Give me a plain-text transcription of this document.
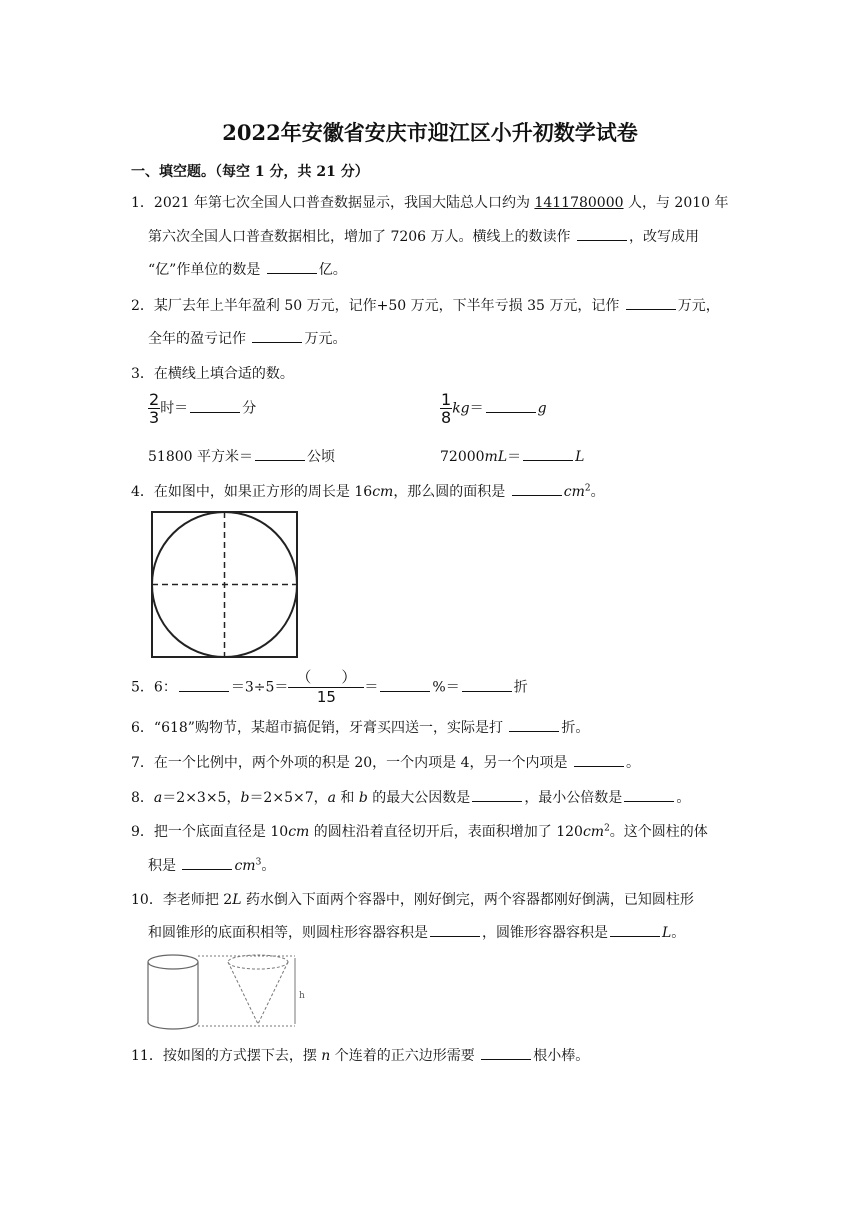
2022年安徽省安庆市迎江区小升初数学试卷
一、填空题。（每空 1 分，共 21 分）
1．2021 年第七次全国人口普查数据显示，我国大陆总人口约为 1411780000 人，与 2010 年
第六次全国人口普查数据相比，增加了 7206 万人。横线上的数读作	，改写成用
“亿”作单位的数是	亿。
2．某厂去年上半年盈利 50 万元，记作+50 万元，下半年亏损 35 万元，记作	万元，
全年的盈亏记作	万元。
3．在横线上填合适的数。
$\frac{2}{3}$ 时＝	分	$\frac{1}{8} kg=$	g
51800 平方米＝	公顷	72000mL＝	L
4．在如图中，如果正方形的周长是 16cm，那么圆的面积是	$cm^2$。
5．6：	＝3÷5＝
（　　）
15＝	%＝	折
6．“618”购物节，某超市搞促销，牙膏买四送一，实际是打	折。
7．在一个比例中，两个外项的积是 20，一个内项是 4，另一个内项是	。
8．a＝2×3×5，b＝2×5×7，a 和 b 的最大公因数是	，最小公倍数是	。
9．把一个底面直径是 10cm 的圆柱沿着直径切开后，表面积增加了 $120cm^2$。这个圆柱的体
积是	$cm^3$。
10．李老师把 2L 药水倒入下面两个容器中，刚好倒完，两个容器都刚好倒满，已知圆柱形
和圆锥形的底面积相等，则圆柱形容器容积是	，圆锥形容器容积是	L。
h
11．按如图的方式摆下去，摆 n 个连着的正六边形需要	根小棒。
